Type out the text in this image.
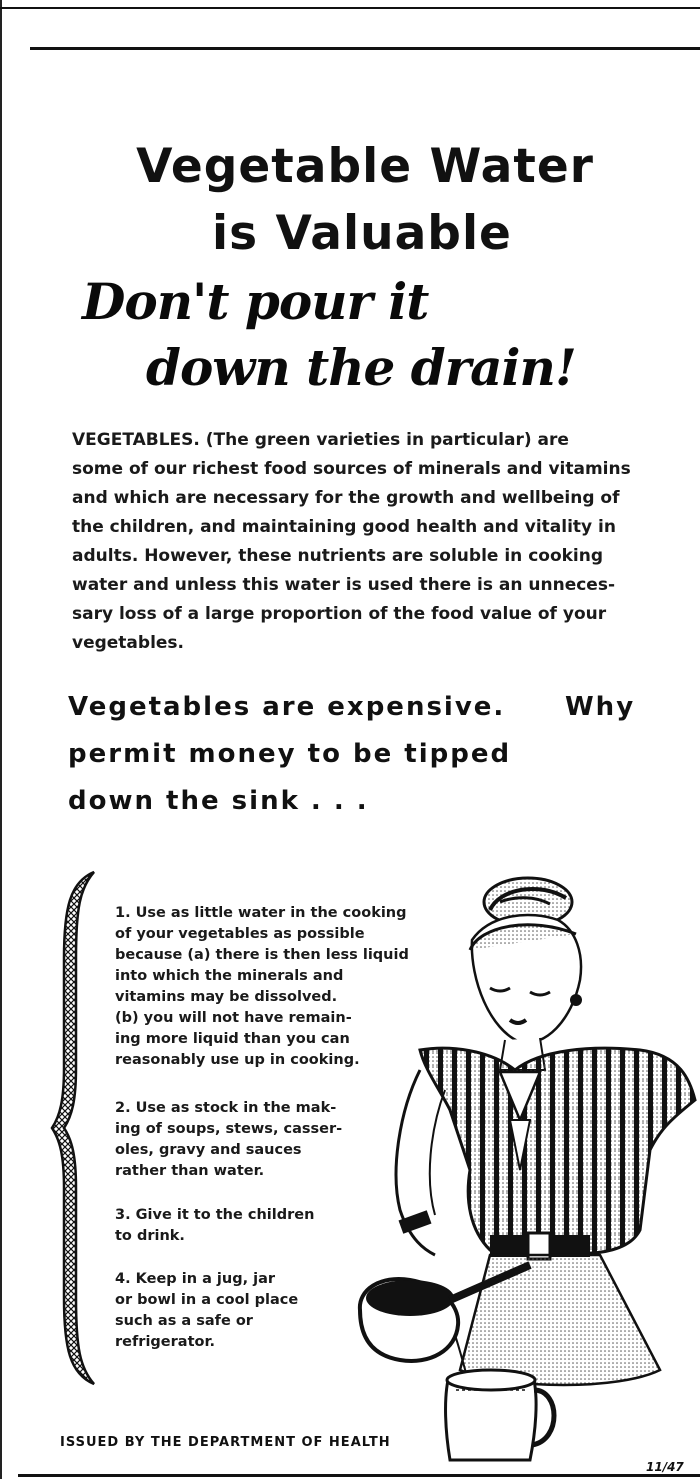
Vegetable Water
is Valuable
Don't pour it
down the drain!

VEGETABLES. (The green varieties in particular) are

some of our richest food sources of minerals and vitamins

and which are necessary for the growth and wellbeing of

the children, and maintaining good health and vitality in

adults. However, these nutrients are soluble in cooking

water and unless this water is used there is an unneces-

sary loss of a large proportion of the food value of your

vegetables.

Vegetables are expensive. Why
permit money to be tipped
down the sink . . .
1. Use as little water in the cooking
of your vegetables as possible
because (a) there is then less liquid
into which the minerals and
vitamins may be dissolved.
(b) you will not have remain-
ing more liquid than you can
reasonably use up in cooking.
2. Use as stock in the mak-
ing of soups, stews, casser-
oles, gravy and sauces
rather than water.
3. Give it to the children
to drink.
4. Keep in a jug, jar
or bowl in a cool place
such as a safe or
refrigerator.
ISSUED BY THE DEPARTMENT OF HEALTH
11/47
